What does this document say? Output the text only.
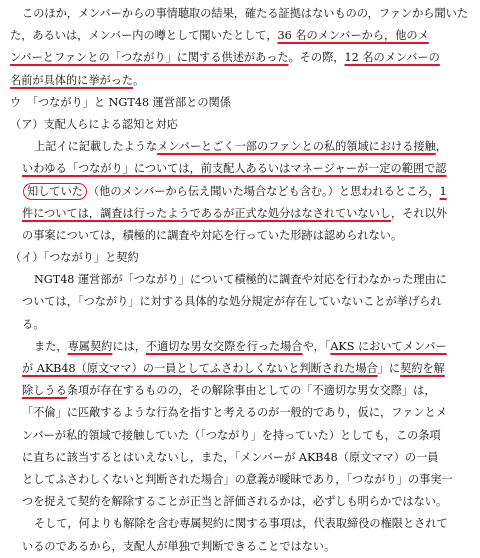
このほか，メンバーからの事情聴取の結果，確たる証拠はないものの，ファンから聞いた
た，あるいは，メンバー内の噂として聞いたとして，36 名のメンバーから，他のメ
ンバーとファンとの「つながり」に関する供述があった。その際，12 名のメンバーの
名前が具体的に挙がった。
ウ　「つながり」と NGT48 運営部との関係
（ア）支配人らによる認知と対応
上記イに記載したようなメンバーとごく一部のファンとの私的領域における接触，
いわゆる「つながり」については，前支配人あるいはマネージャーが一定の範囲で認
知していた （他のメンバーから伝え聞いた場合なども含む。）と思われるところ，1
件については，調査は行ったようであるが正式な処分はなされていないし，それ以外
の事案については，積極的に調査や対応を行っていた形跡は認められない。
（イ）「つながり」と契約
NGT48 運営部が「つながり」について積極的に調査や対応を行わなかった理由に
ついては，「つながり」に対する具体的な処分規定が存在していないことが挙げられ
る。
また，専属契約には，不適切な男女交際を行った場合や，「AKS においてメンバー
が AKB48（原文ママ）の一員としてふさわしくないと判断された場合」に契約を解
除しうる条項が存在するものの，その解除事由としての「不適切な男女交際」は，
「不倫」に匹敵するような行為を指すと考えるのが一般的であり，仮に，ファンとメ
ンバーが私的領域で接触していた（「つながり」を持っていた）としても，この条項
に直ちに該当するとはいえないし，また，「メンバーが AKB48（原文ママ）の一員
としてふさわしくないと判断された場合」の意義が曖昧であり，「つながり」の事実一
つを捉えて契約を解除することが正当と評価されるかは，必ずしも明らかではない。
そして，何よりも解除を含む専属契約に関する事項は，代表取締役の権限とされて
いるのであるから，支配人が単独で判断できることではない。
